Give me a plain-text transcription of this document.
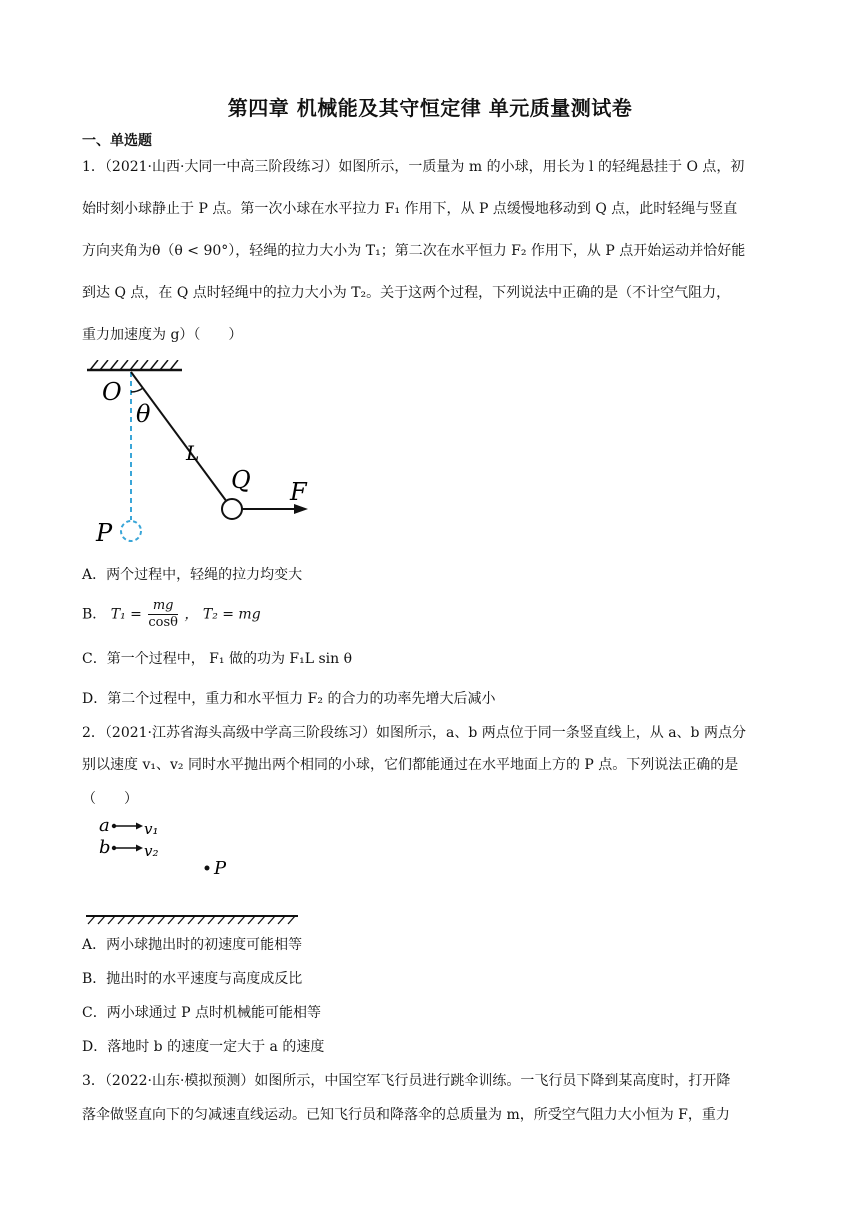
第四章 机械能及其守恒定律 单元质量测试卷
一、单选题
1．（2021·山西·大同一中高三阶段练习）如图所示，一质量为 m 的小球，用长为 l 的轻绳悬挂于 O 点，初
始时刻小球静止于 P 点。第一次小球在水平拉力 F₁ 作用下，从 P 点缓慢地移动到 Q 点，此时轻绳与竖直
方向夹角为θ（θ < 90°），轻绳的拉力大小为 T₁；第二次在水平恒力 F₂ 作用下，从 P 点开始运动并恰好能
到达 Q 点，在 Q 点时轻绳中的拉力大小为 T₂。关于这两个过程，下列说法中正确的是（不计空气阻力，
重力加速度为 g）（　　）
O
θ
L
Q F
P
A．两个过程中，轻绳的拉力均变大
B． $T_1 = \frac{mg}{\cos\theta}$ ， T₂ = mg
C．第一个过程中， F₁ 做的功为 F₁L sin θ
D．第二个过程中，重力和水平恒力 F₂ 的合力的功率先增大后减小
2．（2021·江苏省海头高级中学高三阶段练习）如图所示，a、b 两点位于同一条竖直线上，从 a、b 两点分
别以速度 v₁、v₂ 同时水平抛出两个相同的小球，它们都能通过在水平地面上方的 P 点。下列说法正确的是
（　　）
a v₁
b v₂
P
A．两小球抛出时的初速度可能相等
B．抛出时的水平速度与高度成反比
C．两小球通过 P 点时机械能可能相等
D．落地时 b 的速度一定大于 a 的速度
3．（2022·山东·模拟预测）如图所示，中国空军飞行员进行跳伞训练。一飞行员下降到某高度时，打开降
落伞做竖直向下的匀减速直线运动。已知飞行员和降落伞的总质量为 m，所受空气阻力大小恒为 F，重力
